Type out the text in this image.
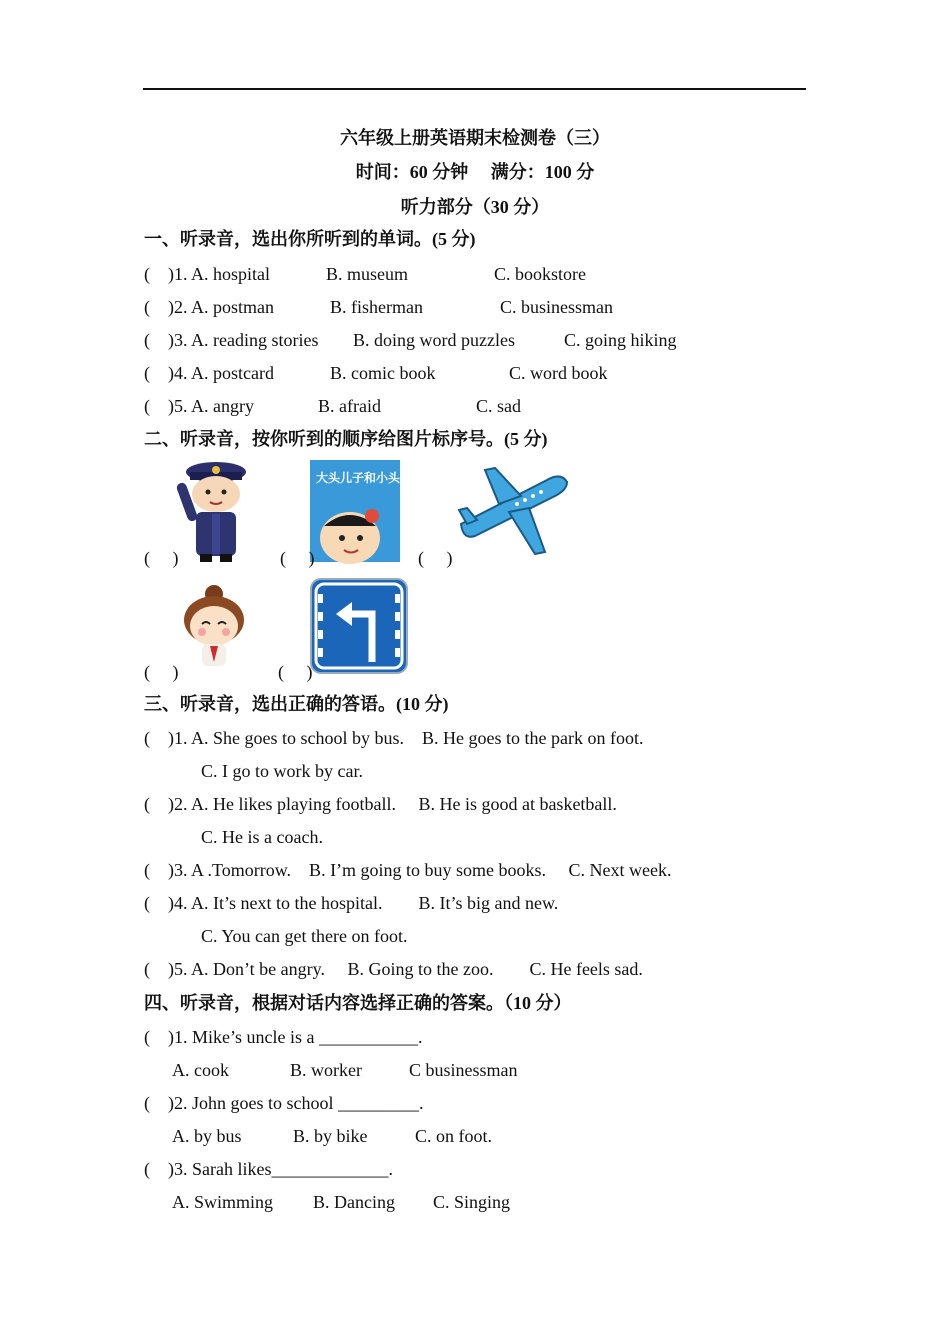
六年级上册英语期末检测卷（三）
时间：60 分钟　 满分：100 分
听力部分（30 分）
一、听录音，选出你所听到的单词。(5 分)
(　)1. A. hospital	B. museum	C. bookstore
(　)2. A. postman	B. fisherman	C. businessman
(　)3. A. reading stories B. doing word puzzles	C. going hiking
(　)4. A. postcard	B. comic book	C. word book
(　)5. A. angry	B. afraid	C. sad
二、听录音，按你听到的顺序给图片标序号。(5 分)
大头儿子和小头爸爸
(　 )	(　 )	(　 )
(　 )	(　 )
三、听录音，选出正确的答语。(10 分)
(　)1. A. She goes to school by bus.　B. He goes to the park on foot.
C. I go to work by car.
(　)2. A. He likes playing football.　 B. He is good at basketball.
C. He is a coach.
(　)3. A .Tomorrow.　B. I’m going to buy some books.　 C. Next week.
(　)4. A. It’s next to the hospital.　　B. It’s big and new.
C. You can get there on foot.
(　)5. A. Don’t be angry.　 B. Going to the zoo.　　C. He feels sad.
四、听录音，根据对话内容选择正确的答案。（10 分）
(　)1. Mike’s uncle is a ___________.
A. cook	B. worker	C businessman
(　)2. John goes to school _________.
A. by bus	B. by bike	C. on foot.
(　)3. Sarah likes_____________.
A. Swimming B. Dancing C. Singing
